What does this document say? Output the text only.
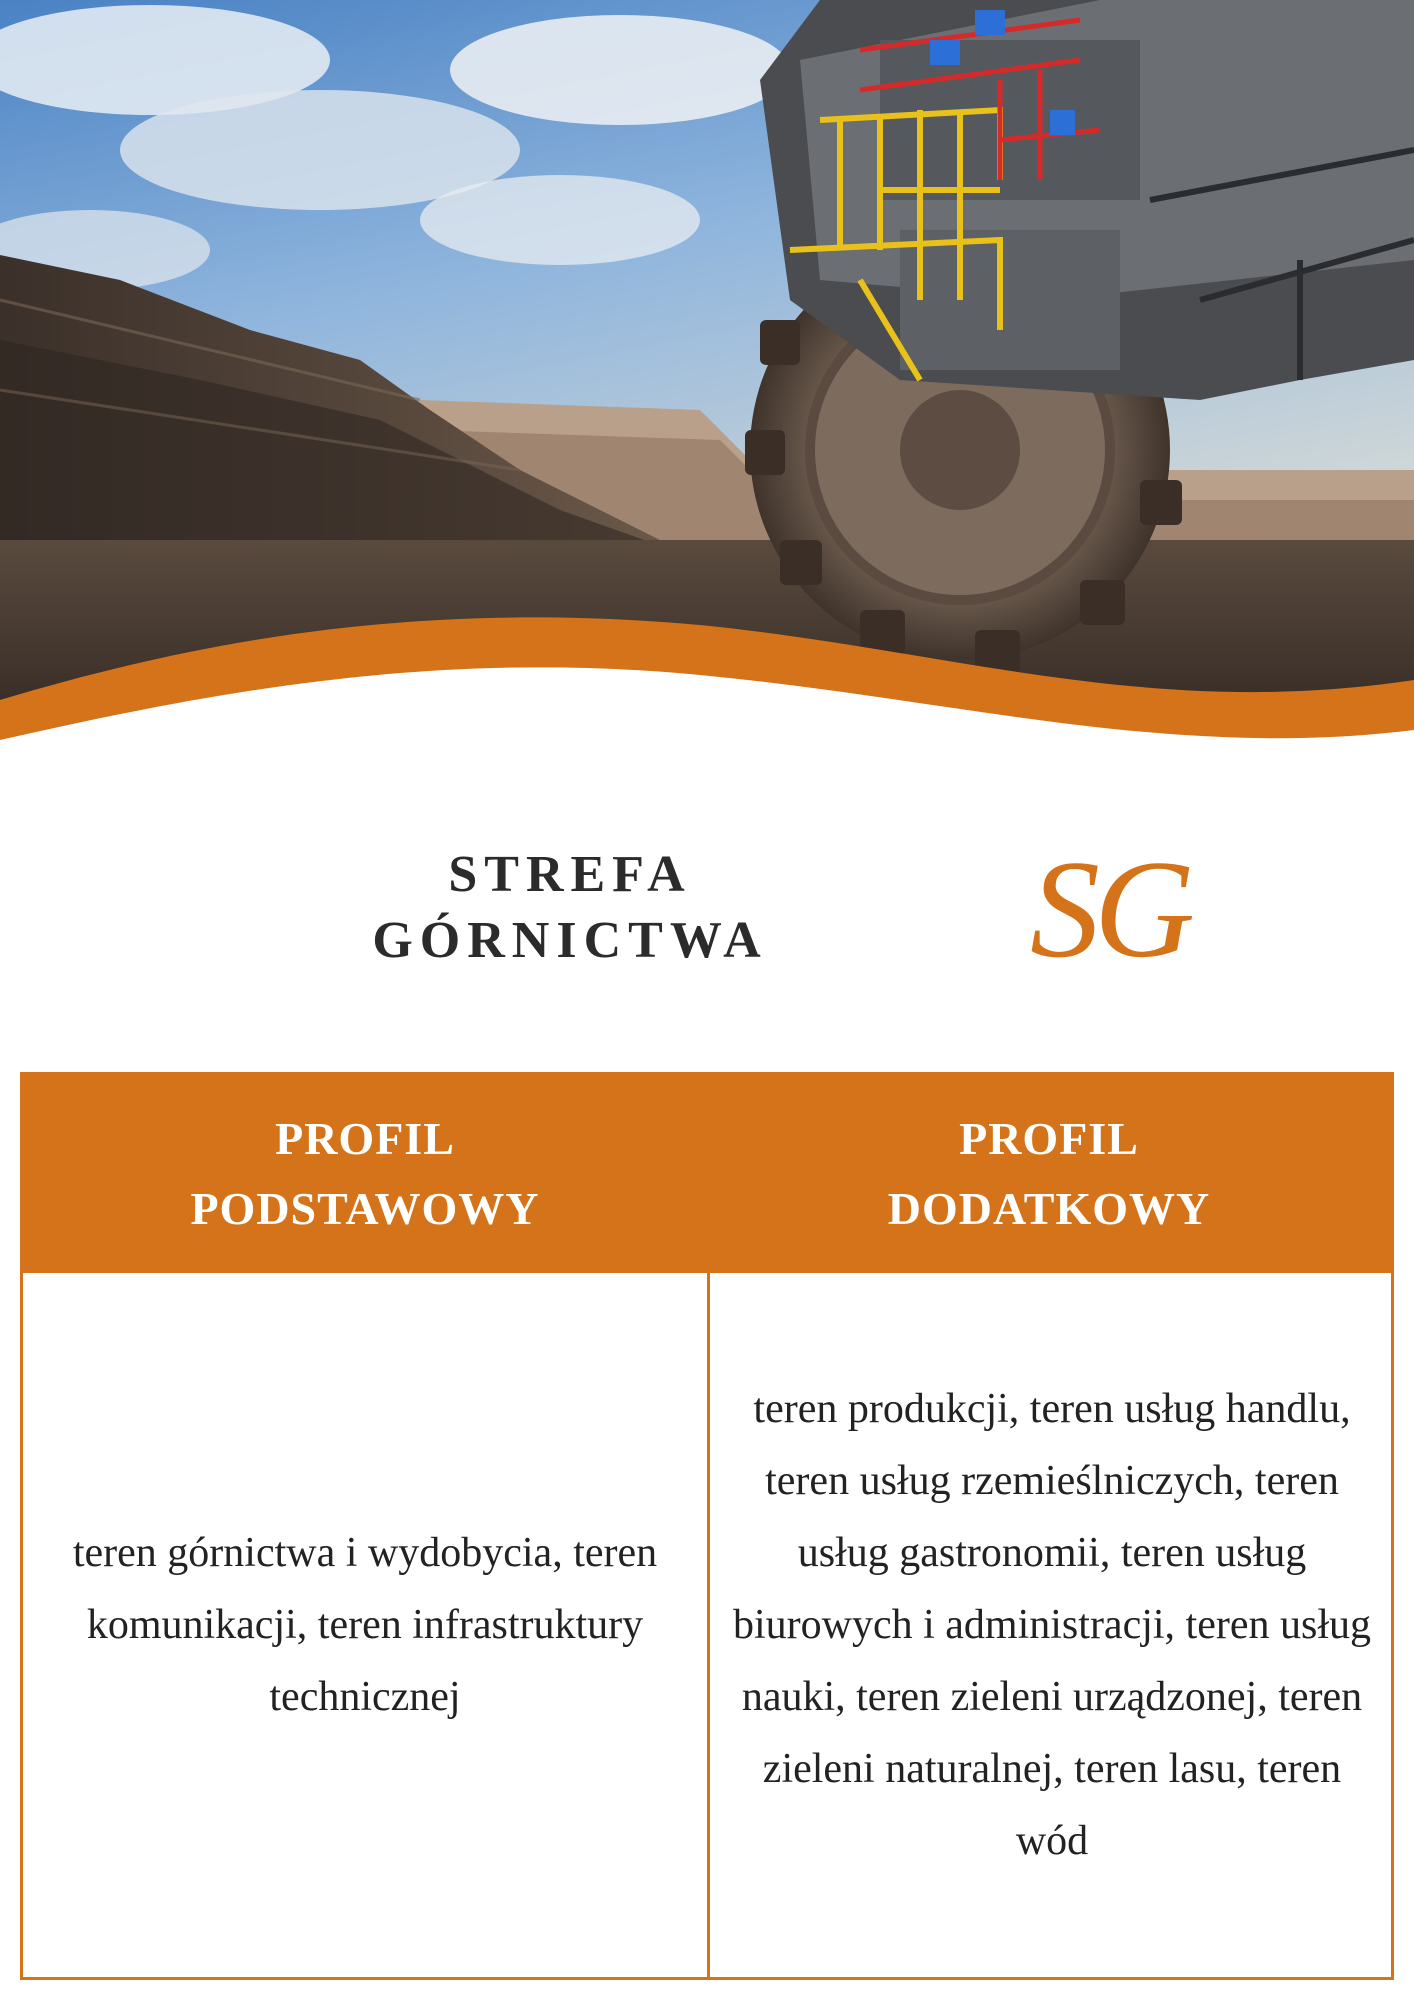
STREFA
GÓRNICTWA	SG
PROFIL
PODSTAWOWY
PROFIL
DODATKOWY
teren górnictwa i wydobycia, teren komunikacji, teren infrastruktury technicznej
teren produkcji, teren usług handlu, teren usług rzemieślniczych, teren usług gastronomii, teren usług biurowych i administracji, teren usług nauki, teren zieleni urządzonej, teren zieleni naturalnej, teren lasu, teren wód
